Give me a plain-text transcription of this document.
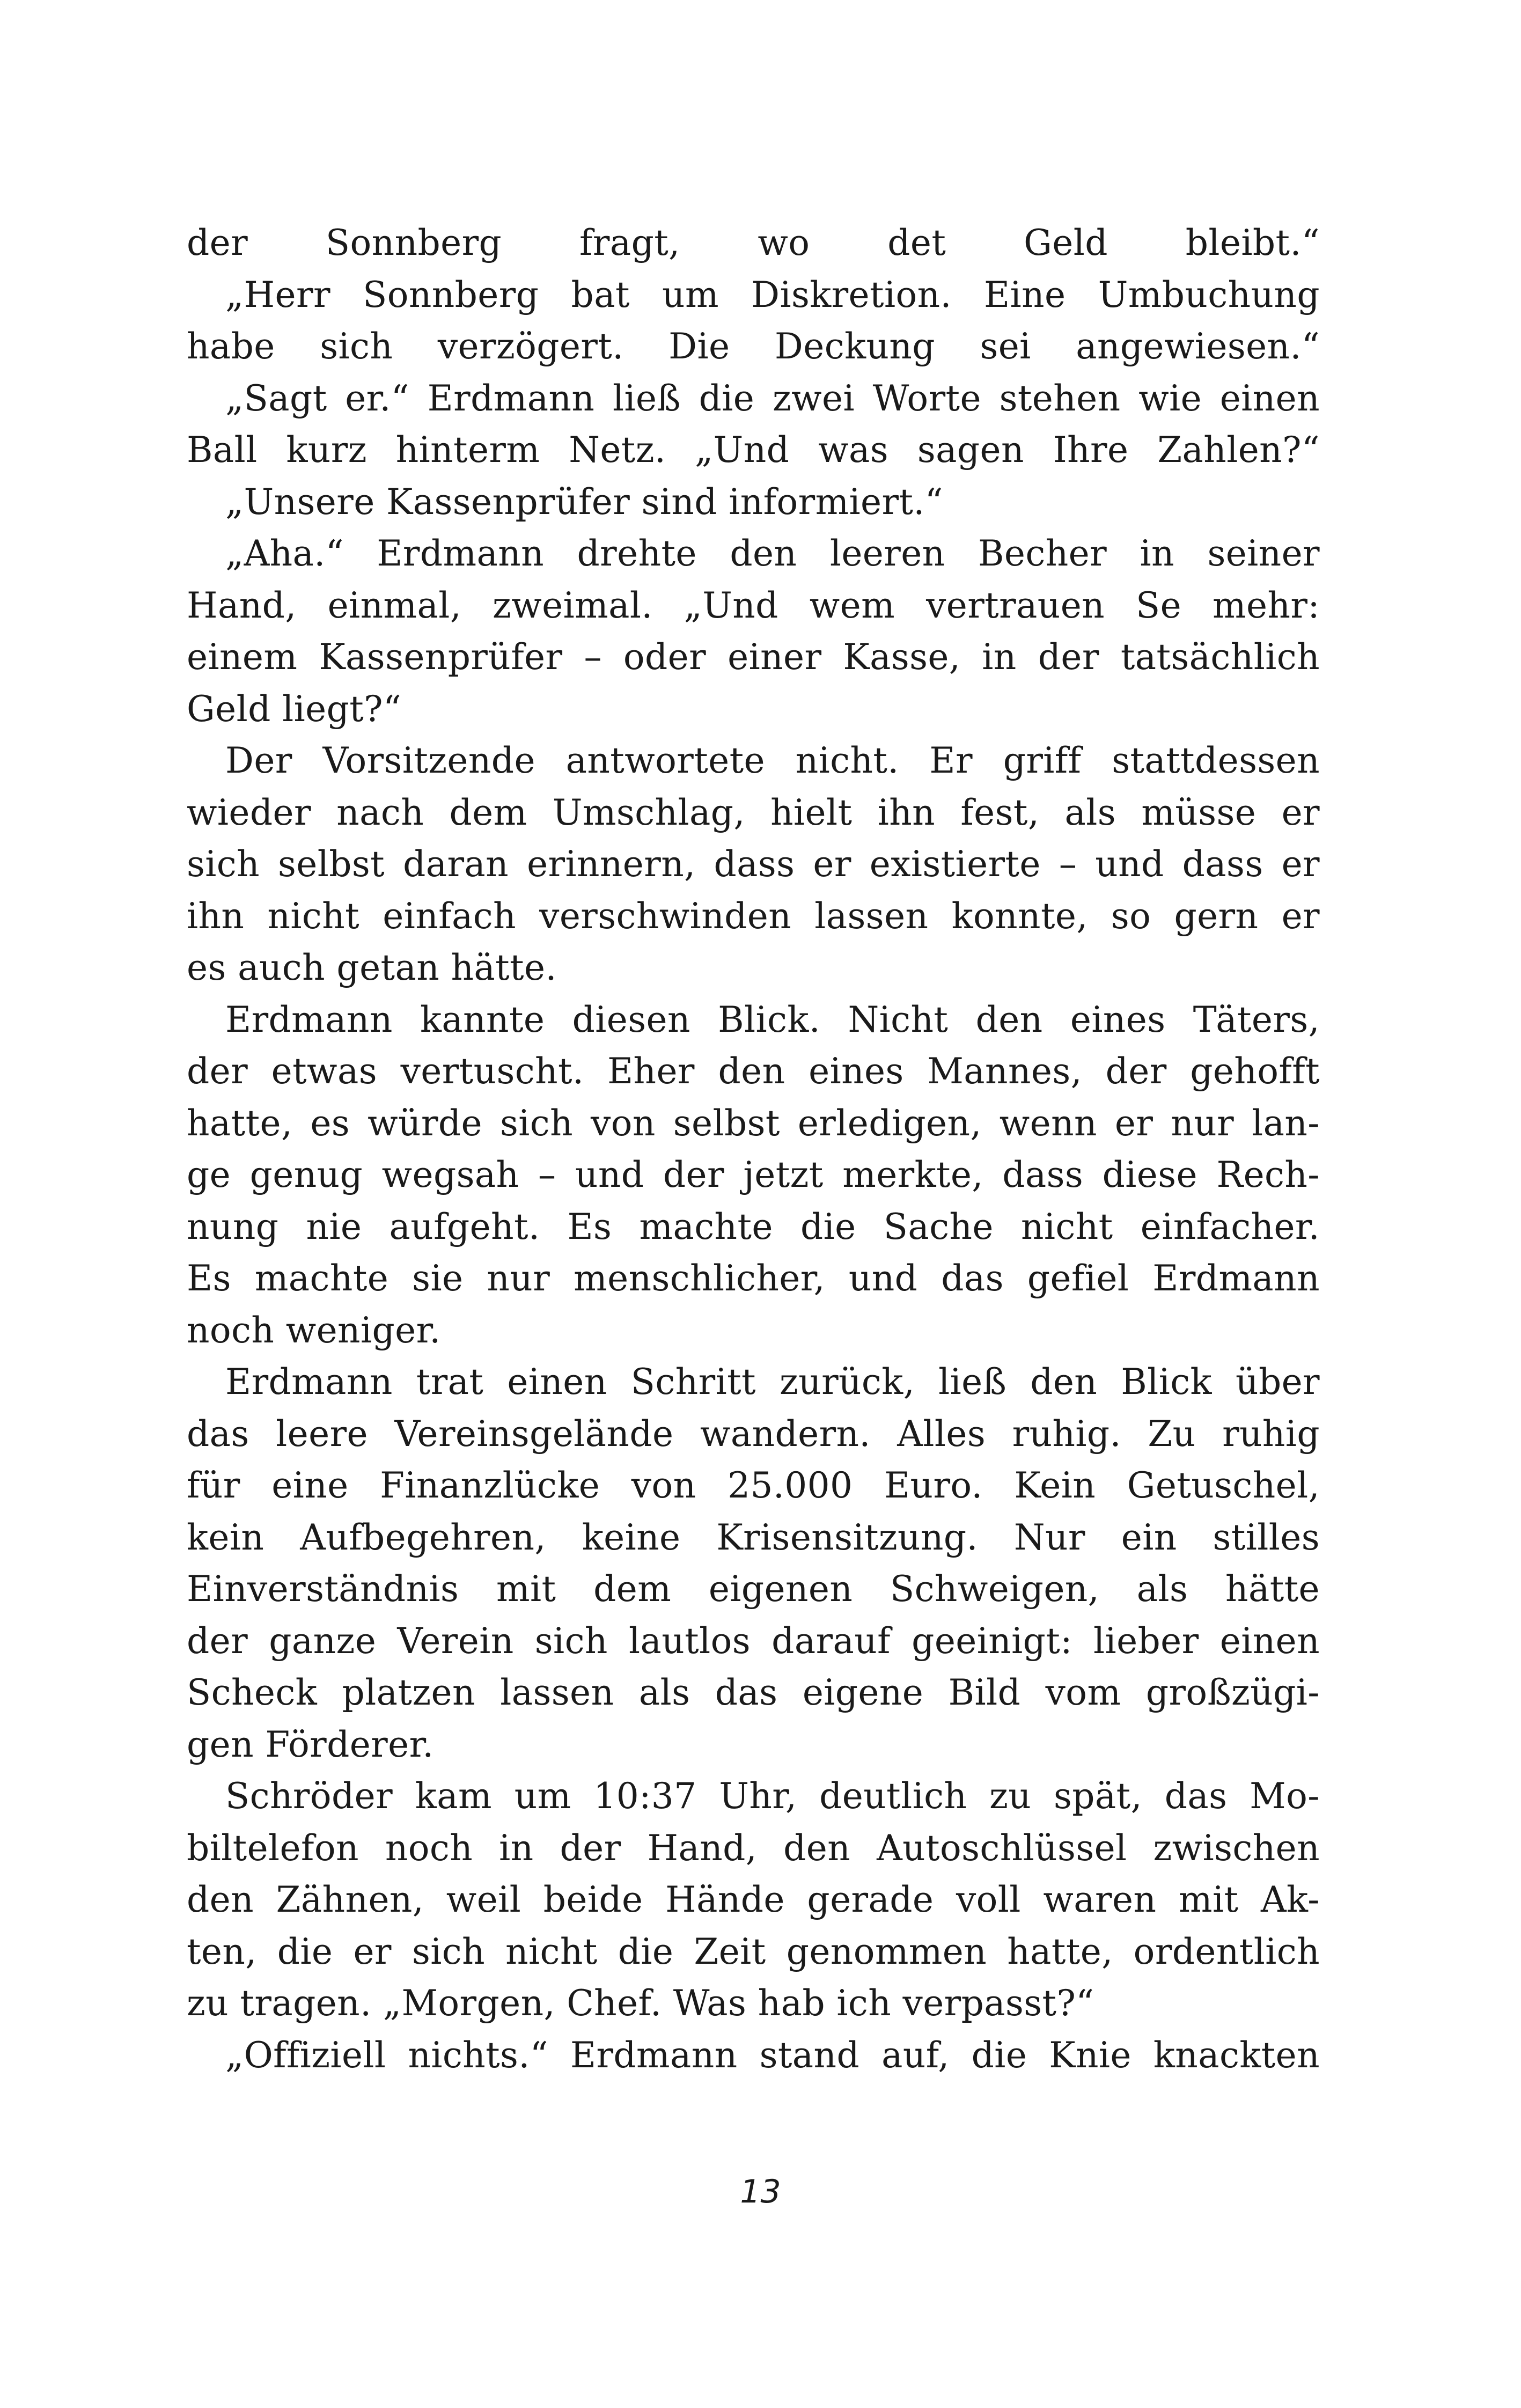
der Sonnberg fragt, wo det Geld bleibt.“
„Herr Sonnberg bat um Diskretion. Eine Umbuchung
habe sich verzögert. Die Deckung sei angewiesen.“
„Sagt er.“ Erdmann ließ die zwei Worte stehen wie einen
Ball kurz hinterm Netz. „Und was sagen Ihre Zahlen?“
„Unsere Kassenprüfer sind informiert.“
„Aha.“ Erdmann drehte den leeren Becher in seiner
Hand, einmal, zweimal. „Und wem vertrauen Se mehr:
einem Kassenprüfer – oder einer Kasse, in der tatsächlich
Geld liegt?“
Der Vorsitzende antwortete nicht. Er griff stattdessen
wieder nach dem Umschlag, hielt ihn fest, als müsse er
sich selbst daran erinnern, dass er existierte – und dass er
ihn nicht einfach verschwinden lassen konnte, so gern er
es auch getan hätte.
Erdmann kannte diesen Blick. Nicht den eines Täters,
der etwas vertuscht. Eher den eines Mannes, der gehofft
hatte, es würde sich von selbst erledigen, wenn er nur lan-
ge genug wegsah – und der jetzt merkte, dass diese Rech-
nung nie aufgeht. Es machte die Sache nicht einfacher.
Es machte sie nur menschlicher, und das gefiel Erdmann
noch weniger.
Erdmann trat einen Schritt zurück, ließ den Blick über
das leere Vereinsgelände wandern. Alles ruhig. Zu ruhig
für eine Finanzlücke von 25.000 Euro. Kein Getuschel,
kein Aufbegehren, keine Krisensitzung. Nur ein stilles
Einverständnis mit dem eigenen Schweigen, als hätte
der ganze Verein sich lautlos darauf geeinigt: lieber einen
Scheck platzen lassen als das eigene Bild vom großzügi-
gen Förderer.
Schröder kam um 10:37 Uhr, deutlich zu spät, das Mo-
biltelefon noch in der Hand, den Autoschlüssel zwischen
den Zähnen, weil beide Hände gerade voll waren mit Ak-
ten, die er sich nicht die Zeit genommen hatte, ordentlich
zu tragen. „Morgen, Chef. Was hab ich verpasst?“
„Offiziell nichts.“ Erdmann stand auf, die Knie knackten
13
